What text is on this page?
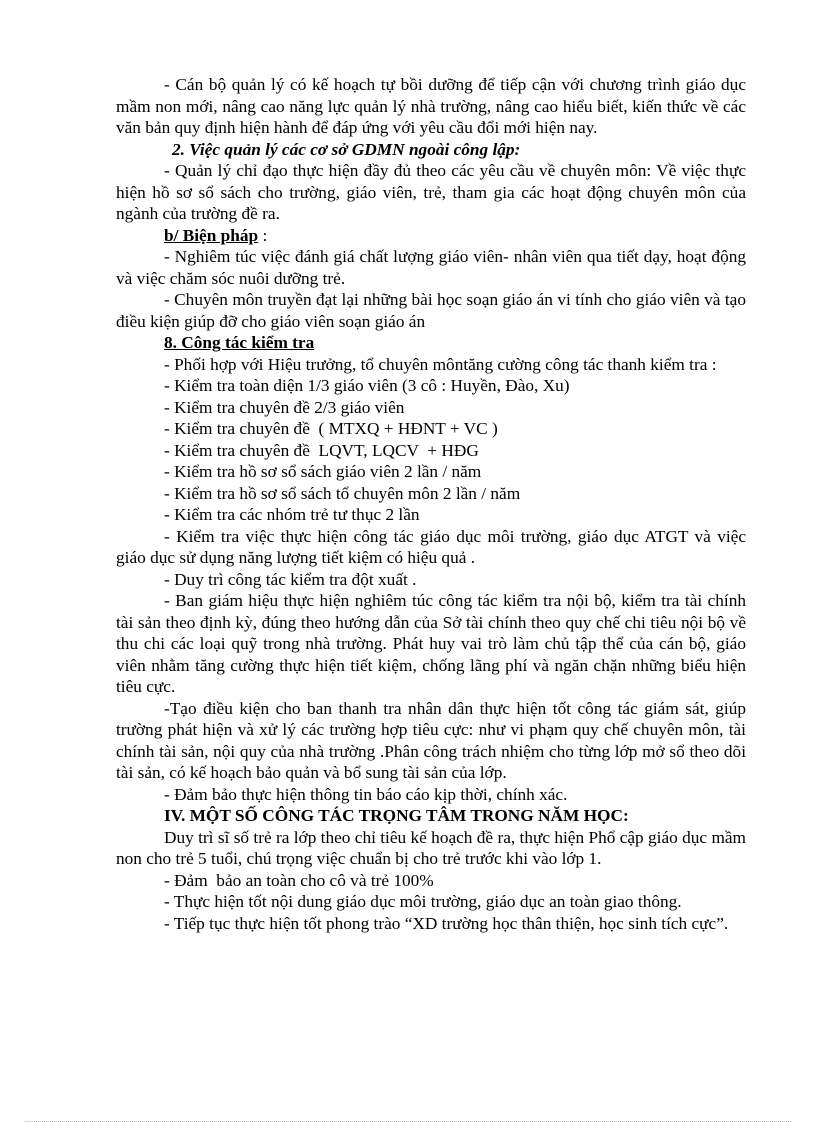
- Cán bộ quản lý có kế hoạch tự bồi dưỡng để tiếp cận với chương trình giáo dục mầm non mới, nâng cao năng lực quản lý nhà trường, nâng cao hiểu biết, kiến thức về các văn bản quy định hiện hành để đáp ứng với yêu cầu đổi mới hiện nay.

2. Việc quản lý các cơ sở GDMN ngoài công lập:

- Quản lý chỉ đạo thực hiện đầy đủ theo các yêu cầu về chuyên môn: Về việc thực hiện hồ sơ sổ sách cho trường, giáo viên, trẻ, tham gia các hoạt động chuyên môn của ngành của trường đề ra.

b/ Biện pháp :

- Nghiêm túc việc đánh giá chất lượng giáo viên- nhân viên qua tiết dạy, hoạt động và việc chăm sóc nuôi dưỡng trẻ.

- Chuyên môn truyền đạt lại những bài học soạn giáo án vi tính cho giáo viên và tạo điều kiện giúp đỡ cho giáo viên soạn giáo án

8. Công tác kiểm tra

- Phối hợp với Hiệu trưởng, tổ chuyên môntăng cường công tác thanh kiểm tra :

- Kiểm tra toàn diện 1/3 giáo viên (3 cô : Huyền, Đào, Xu)
- Kiểm tra chuyên đề 2/3 giáo viên
- Kiểm tra chuyên đề  ( MTXQ + HĐNT + VC )
- Kiểm tra chuyên đề  LQVT, LQCV  + HĐG
- Kiểm tra hồ sơ sổ sách giáo viên 2 lần / năm
- Kiểm tra hồ sơ sổ sách tổ chuyên môn 2 lần / năm
- Kiểm tra các nhóm trẻ tư thục 2 lần

- Kiểm tra việc thực hiện công tác giáo dục môi trường, giáo dục ATGT và việc giáo dục sử dụng năng lượng tiết kiệm có hiệu quả .

- Duy trì công tác kiểm tra đột xuất .

- Ban giám hiệu thực hiện nghiêm túc công tác kiểm tra nội bộ, kiểm tra tài chính tài sản theo định kỳ, đúng theo hướng dẫn của Sở tài chính theo quy chế chi tiêu nội bộ về thu chi các loại quỹ trong nhà trường. Phát huy vai trò làm chủ tập thể của cán bộ, giáo viên nhằm tăng cường thực hiện tiết kiệm, chống lãng phí và ngăn chặn những biểu hiện tiêu cực.

-Tạo điều kiện cho ban thanh tra nhân dân thực hiện tốt công tác giám sát, giúp trường phát hiện và xử lý các trường hợp tiêu cực: như vi phạm quy chế chuyên môn, tài chính tài sản, nội quy của nhà trường .Phân công trách nhiệm cho từng lớp mở sổ theo dõi tài sản, có kế hoạch bảo quản và bổ sung tài sản của lớp.

- Đảm bảo thực hiện thông tin báo cáo kịp thời, chính xác.
IV. MỘT SỐ CÔNG TÁC TRỌNG TÂM TRONG NĂM HỌC:

Duy trì sĩ số trẻ ra lớp theo chỉ tiêu kế hoạch đề ra, thực hiện Phổ cập giáo dục mầm non cho trẻ 5 tuổi, chú trọng việc chuẩn bị cho trẻ trước khi vào lớp 1.

- Đảm  bảo an toàn cho cô và trẻ 100%

- Thực hiện tốt nội dung giáo dục môi trường, giáo dục an toàn giao thông.

- Tiếp tục thực hiện tốt phong trào “XD trường học thân thiện, học sinh tích cực”.
